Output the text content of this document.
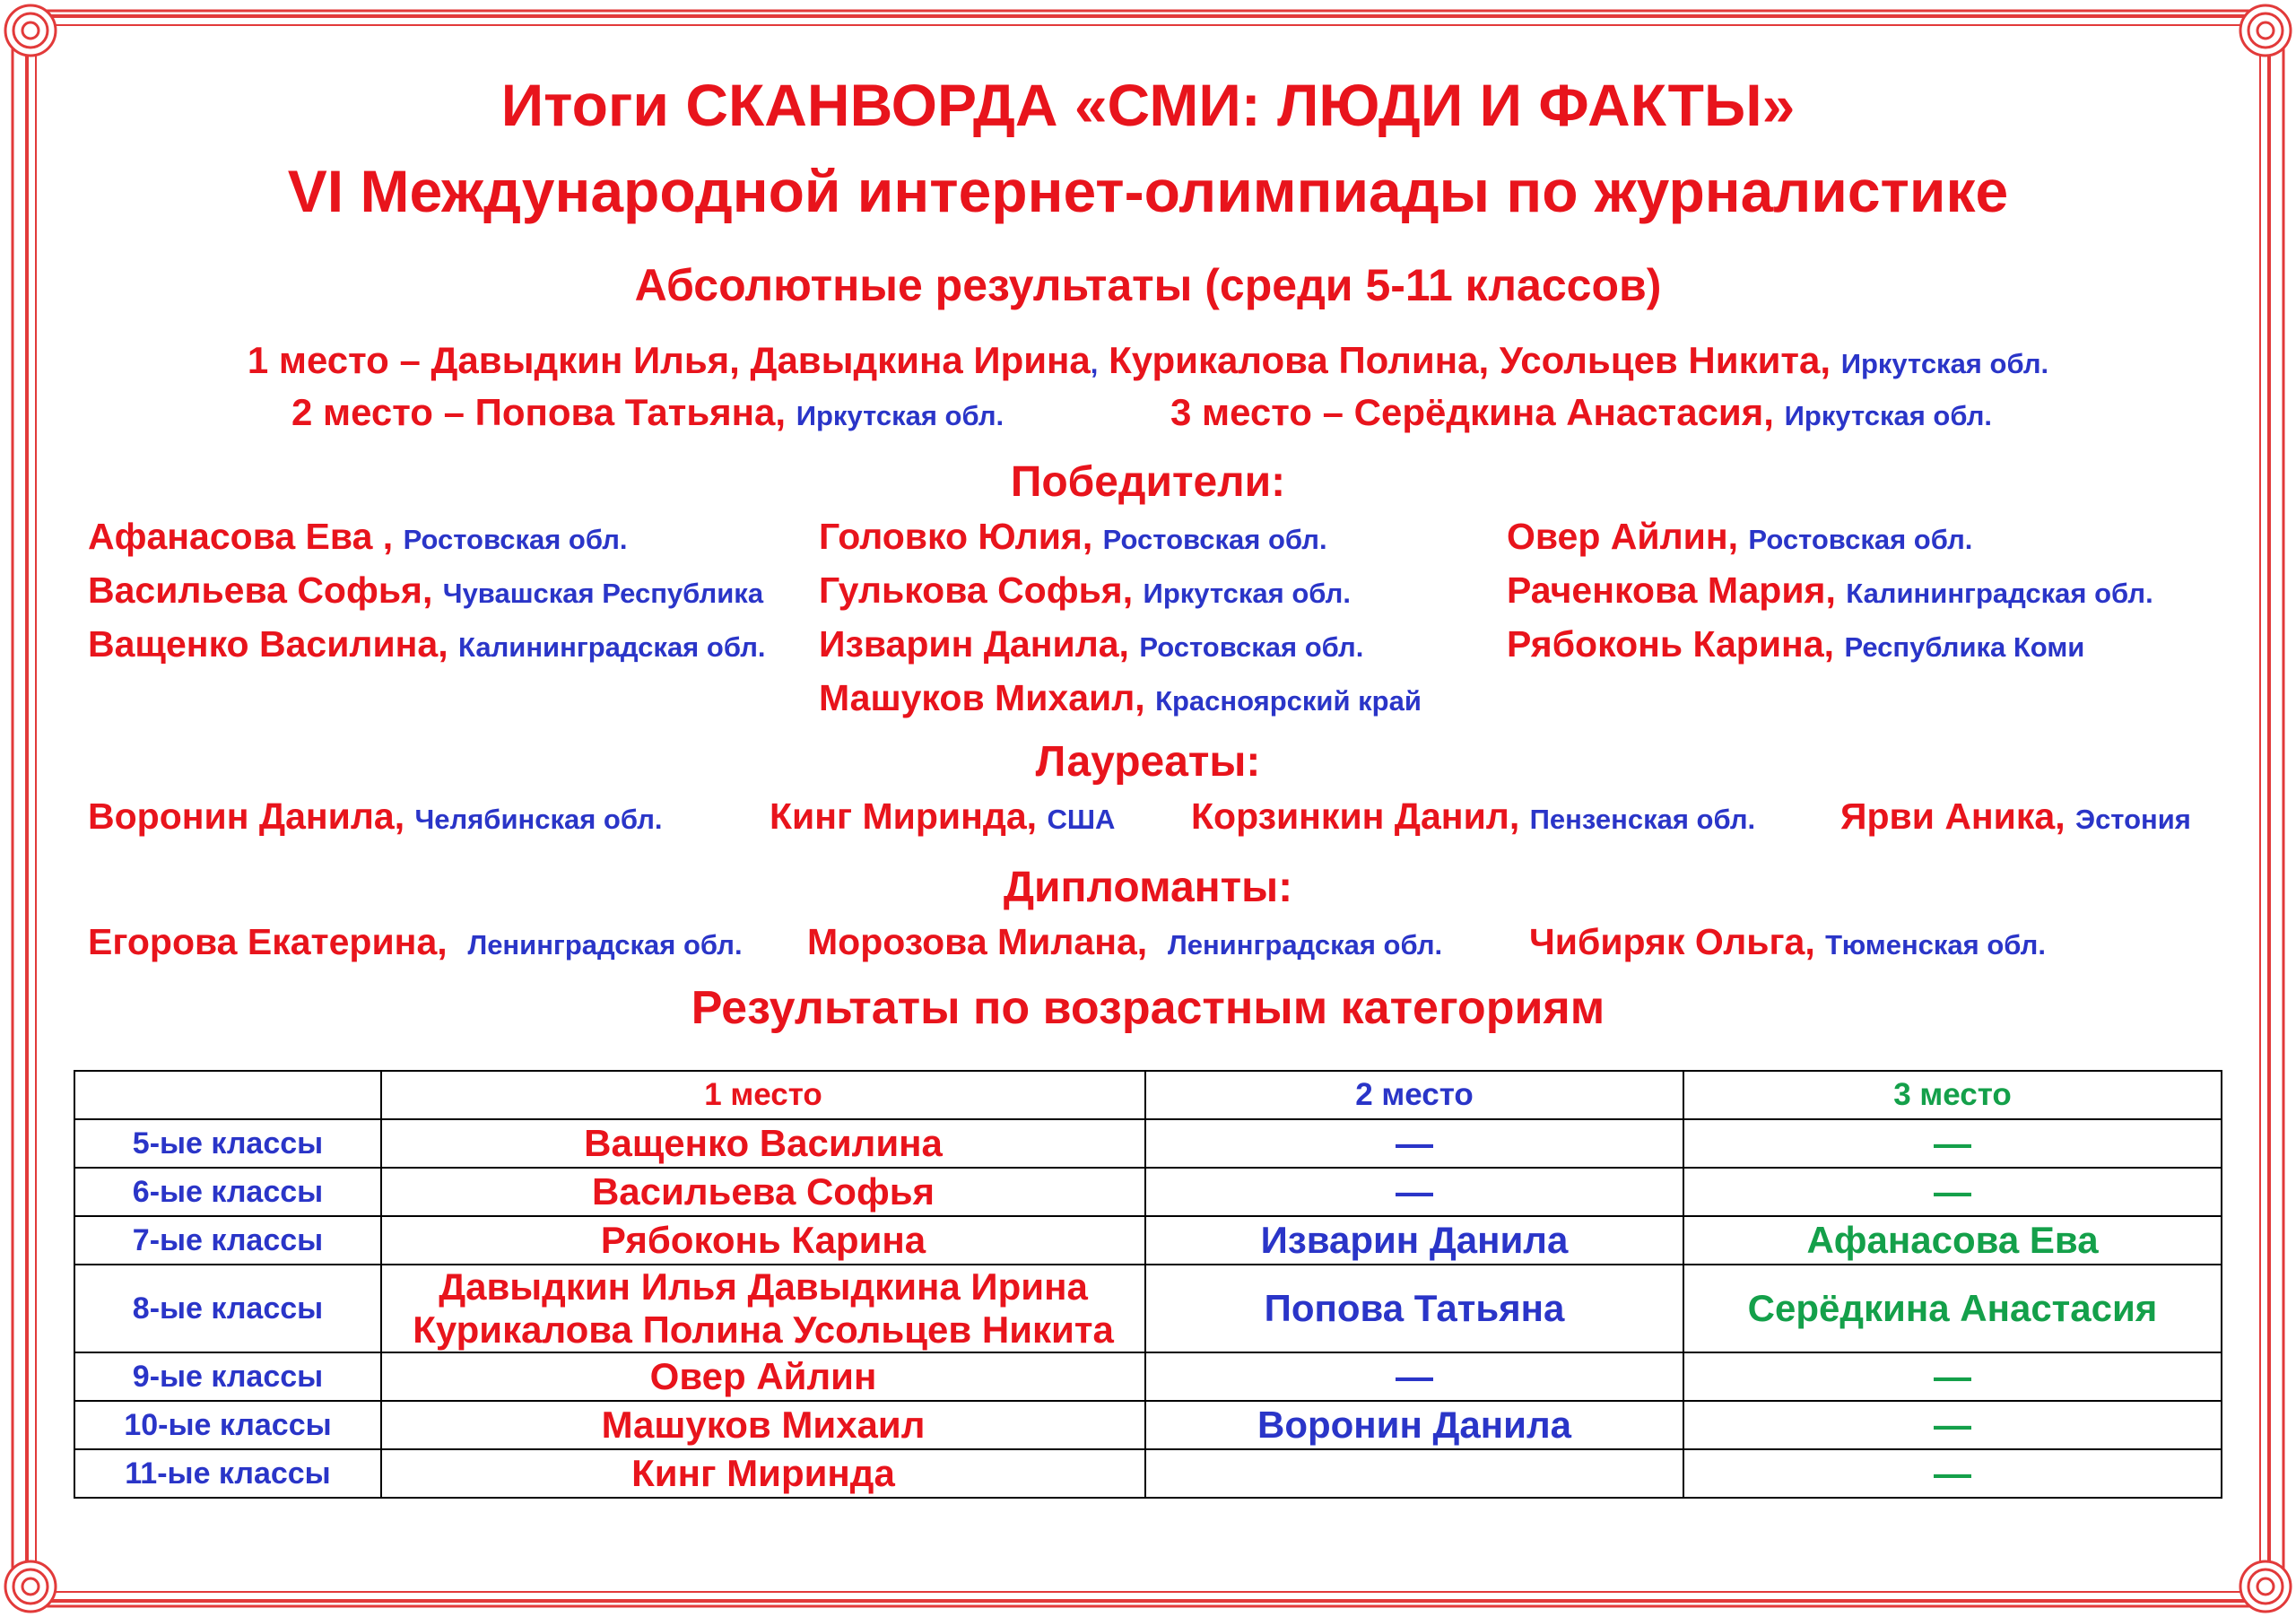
Итоги СКАНВОРДА «СМИ: ЛЮДИ И ФАКТЫ»
VI Международной интернет-олимпиады по журналистике
Абсолютные результаты (среди 5-11 классов)
1 место – Давыдкин Илья, Давыдкина Ирина, Курикалова Полина, Усольцев Никита, Иркутская обл.
2 место – Попова Татьяна, Иркутская обл.	3 место – Серёдкина Анастасия, Иркутская обл.
Победители:
Афанасова Ева , Ростовская обл.
Васильева Софья, Чувашская Республика
Ващенко Василина, Калининградская обл.
Головко Юлия, Ростовская обл.
Гулькова Софья, Иркутская обл.
Изварин Данила, Ростовская обл.
Машуков Михаил, Красноярский край
Овер Айлин, Ростовская обл.
Раченкова Мария, Калининградская обл.
Рябоконь Карина, Республика Коми
Лауреаты:
Воронин Данила, Челябинская обл.	Кинг Миринда, США Корзинкин Данил, Пензенская обл. Ярви Аника, Эстония
Дипломанты:
Егорова Екатерина, Ленинградская обл. Морозова Милана, Ленинградская обл. Чибиряк Ольга, Тюменская обл.
Результаты по возрастным категориям
	1 место	2 место	3 место
5-ые классы	Ващенко Василина	—	—
6-ые классы	Васильева Софья	—	—
7-ые классы	Рябоконь Карина	Изварин Данила	Афанасова Ева
8-ые классы	Давыдкин Илья Давыдкина Ирина
Курикалова Полина Усольцев Никита	Попова Татьяна	Серёдкина Анастасия
9-ые классы	Овер Айлин	—	—
10-ые классы	Машуков Михаил	Воронин Данила	—
11-ые классы	Кинг Миринда		—
